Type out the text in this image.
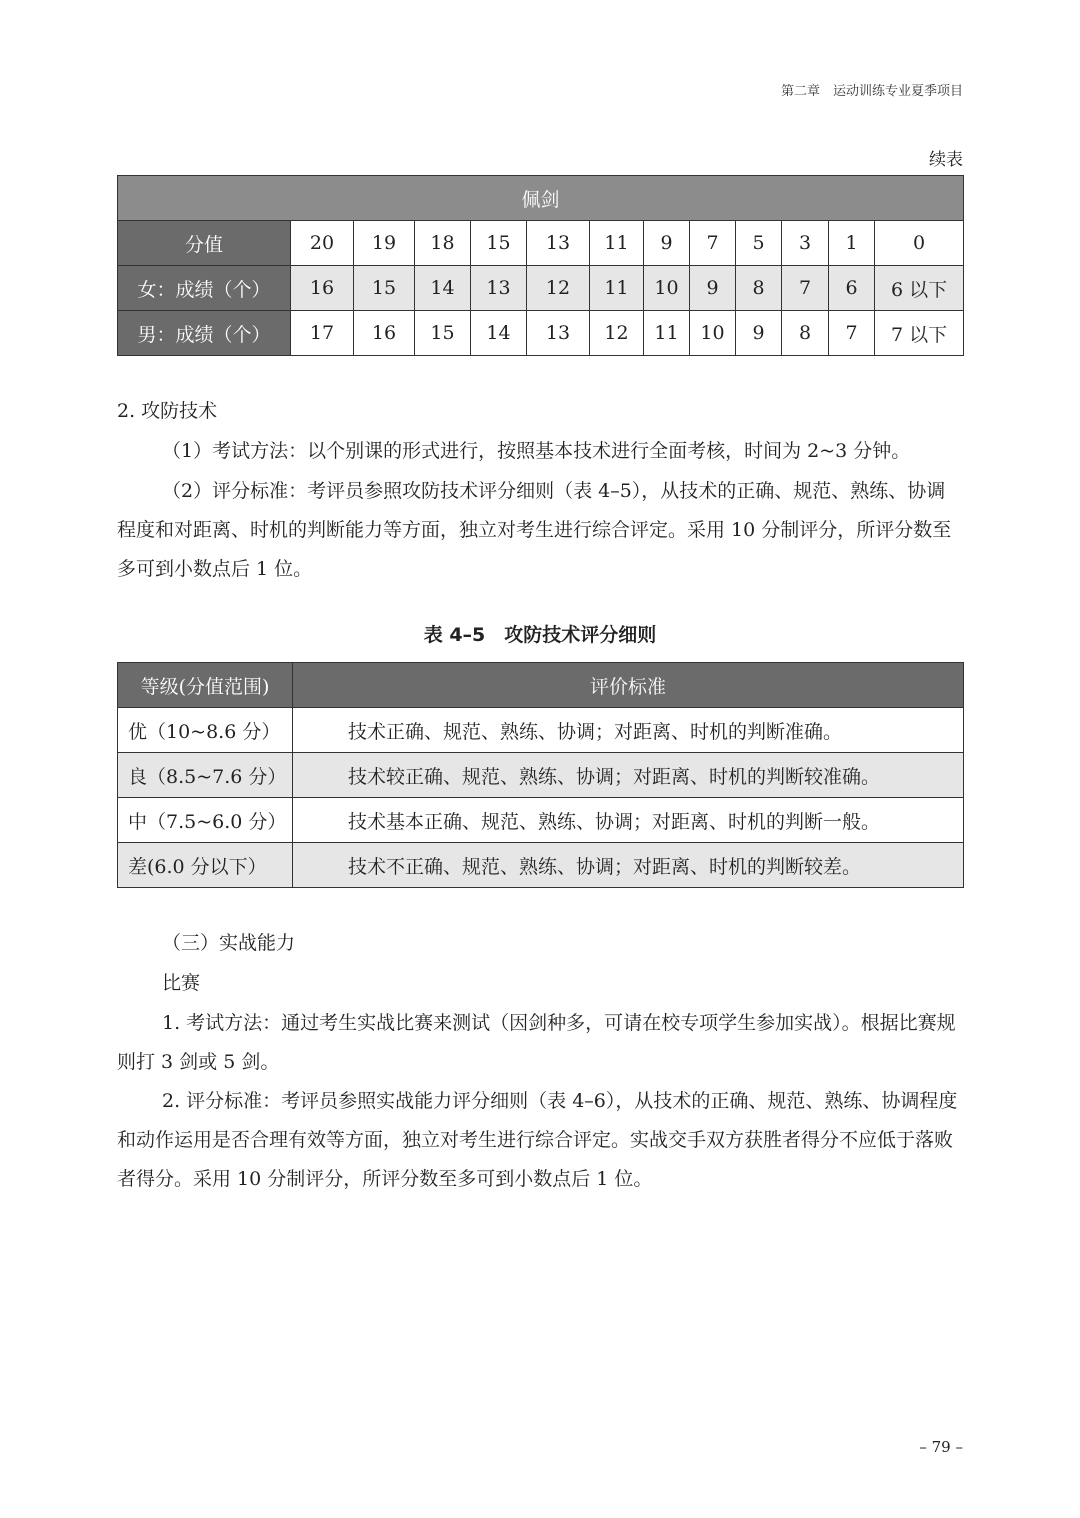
第二章　运动训练专业夏季项目
续表
佩剑												
分值	20	19	18	15	13	11	9	7	5	3	1	0
女：成绩（个）	16	15	14	13	12	11	10	9	8	7	6	6 以下
男：成绩（个）	17	16	15	14	13	12	11	10	9	8	7	7 以下

2. 攻防技术

（1）考试方法：以个别课的形式进行，按照基本技术进行全面考核，时间为 2~3 分钟。

（2）评分标准：考评员参照攻防技术评分细则（表 4–5），从技术的正确、规范、熟练、协调程度和对距离、时机的判断能力等方面，独立对考生进行综合评定。采用 10 分制评分，所评分数至多可到小数点后 1 位。

表 4–5　攻防技术评分细则
等级(分值范围)	评价标准
优（10~8.6 分）	技术正确、规范、熟练、协调；对距离、时机的判断准确。
良（8.5~7.6 分）	技术较正确、规范、熟练、协调；对距离、时机的判断较准确。
中（7.5~6.0 分）	技术基本正确、规范、熟练、协调；对距离、时机的判断一般。
差(6.0 分以下）	技术不正确、规范、熟练、协调；对距离、时机的判断较差。

（三）实战能力

比赛

1. 考试方法：通过考生实战比赛来测试（因剑种多，可请在校专项学生参加实战）。根据比赛规则打 3 剑或 5 剑。

2. 评分标准：考评员参照实战能力评分细则（表 4–6），从技术的正确、规范、熟练、协调程度和动作运用是否合理有效等方面，独立对考生进行综合评定。实战交手双方获胜者得分不应低于落败者得分。采用 10 分制评分，所评分数至多可到小数点后 1 位。

– 79 –
